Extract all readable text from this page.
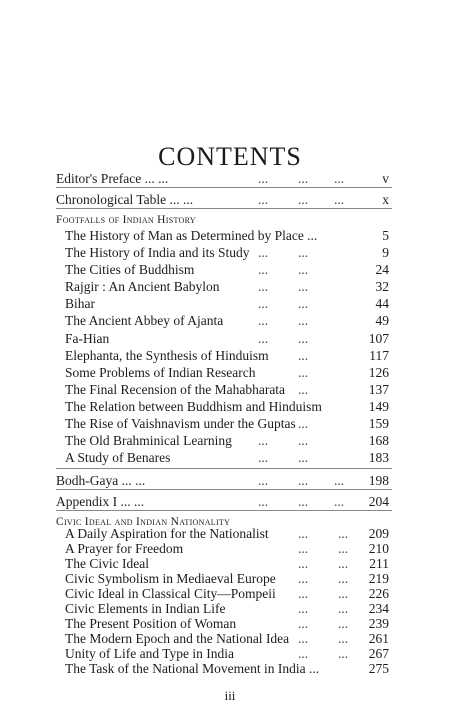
CONTENTS
Editor's Preface ... ...	... ... ...	v
Chronological Table ... ...	... ... ...	x
Footfalls of Indian History
The History of Man as Determined by Place ...	5
The History of India and its Study ... ...	9
The Cities of Buddhism	... ...	24
Rajgir : An Ancient Babylon	... ...	32
Bihar	... ...	44
The Ancient Abbey of Ajanta	... ...	49
Fa-Hian	... ...	107
Elephanta, the Synthesis of Hinduism ...	117
Some Problems of Indian Research	...	126
The Final Recension of the Mahabharata ...	137
The Relation between Buddhism and Hinduism	149
The Rise of Vaishnavism under the Guptas ...	159
The Old Brahminical Learning ... ...	168
A Study of Benares	... ...	183
Bodh-Gaya ... ...	... ... ...	198
Appendix I ... ...	... ... ...	204
Civic Ideal and Indian Nationality
A Daily Aspiration for the Nationalist ... ...	209
A Prayer for Freedom	... ...	210
The Civic Ideal	... ...	211
Civic Symbolism in Mediaeval Europe ... ...	219
Civic Ideal in Classical City—Pompeii ... ...	226
Civic Elements in Indian Life	... ...	234
The Present Position of Woman	... ...	239
The Modern Epoch and the National Idea ... ...	261
Unity of Life and Type in India	... ...	267
The Task of the National Movement in India ...	275
iii
